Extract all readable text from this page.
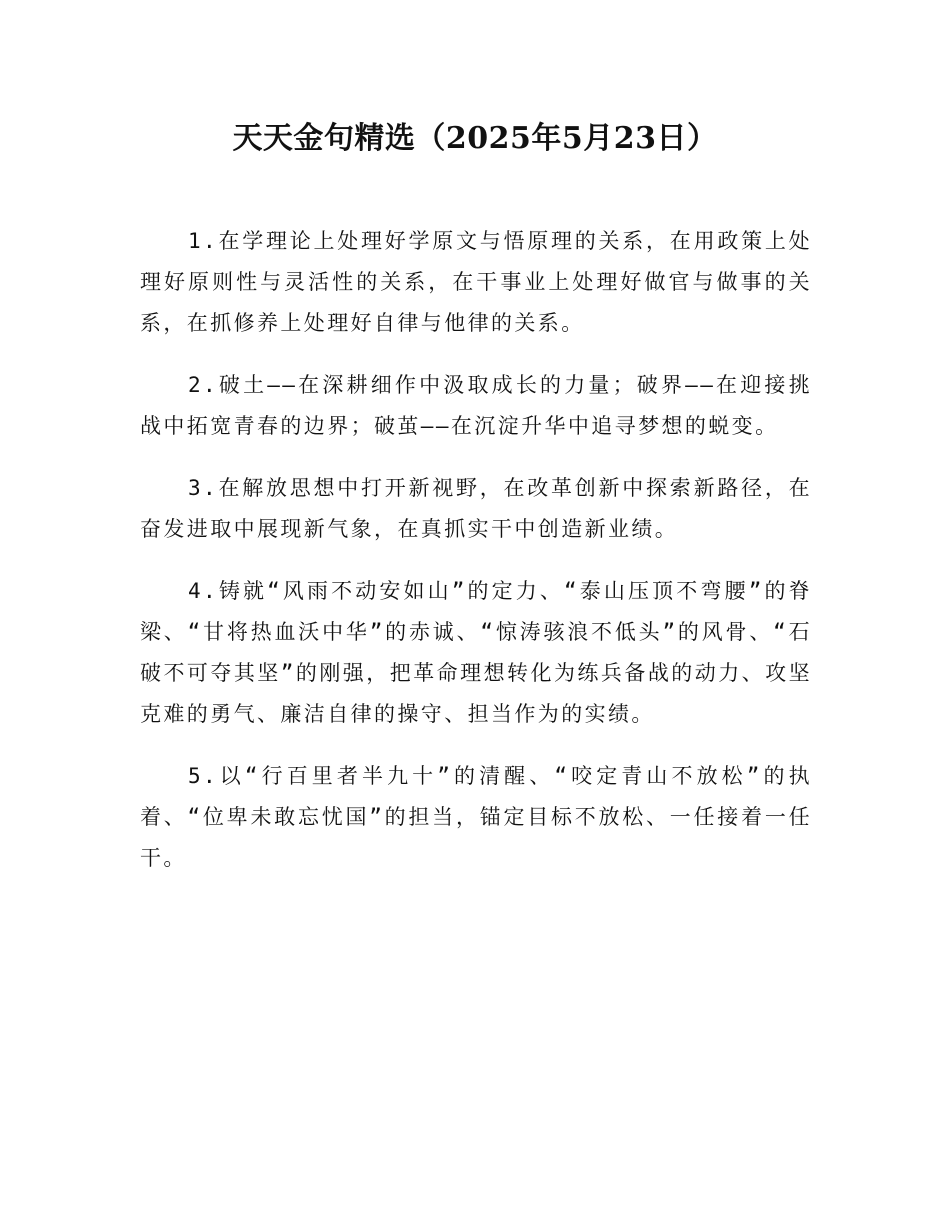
天天金句精选（2025年5月23日）

1.在学理论上处理好学原文与悟原理的关系，在用政策上处理好原则性与灵活性的关系，在干事业上处理好做官与做事的关系，在抓修养上处理好自律与他律的关系。

2.破土——在深耕细作中汲取成长的力量；破界——在迎接挑战中拓宽青春的边界；破茧——在沉淀升华中追寻梦想的蜕变。

3.在解放思想中打开新视野，在改革创新中探索新路径，在奋发进取中展现新气象，在真抓实干中创造新业绩。

4.铸就“风雨不动安如山”的定力、“泰山压顶不弯腰”的脊梁、“甘将热血沃中华”的赤诚、“惊涛骇浪不低头”的风骨、“石破不可夺其坚”的刚强，把革命理想转化为练兵备战的动力、攻坚克难的勇气、廉洁自律的操守、担当作为的实绩。

5.以“行百里者半九十”的清醒、“咬定青山不放松”的执着、“位卑未敢忘忧国”的担当，锚定目标不放松、一任接着一任干。
